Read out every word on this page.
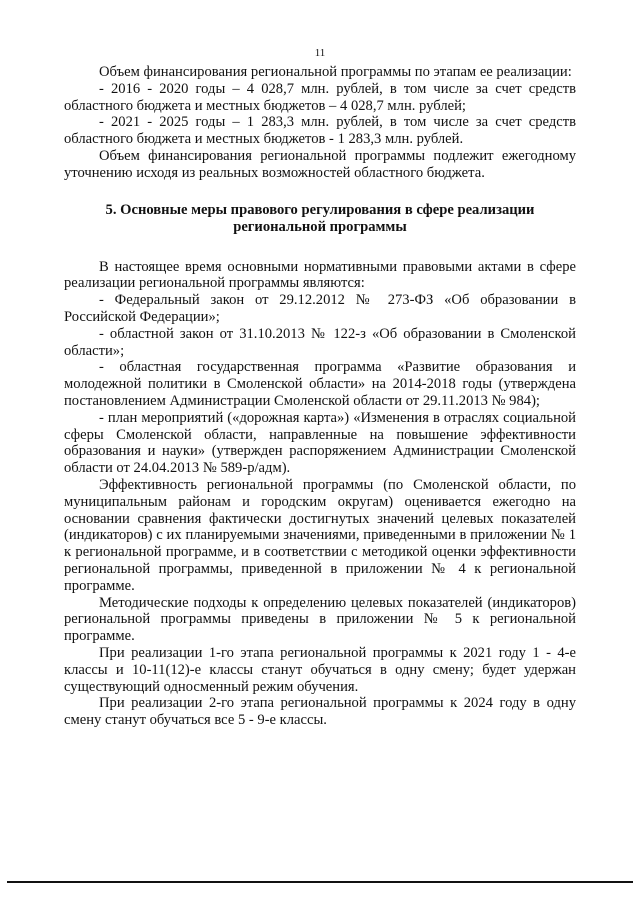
11

Объем финансирования региональной программы по этапам ее реализации:

- 2016 - 2020 годы – 4 028,7 млн. рублей, в том числе за счет средств областного бюджета и местных бюджетов – 4 028,7 млн. рублей;

- 2021 - 2025 годы – 1 283,3 млн. рублей, в том числе за счет средств областного бюджета и местных бюджетов - 1 283,3 млн. рублей.

Объем финансирования региональной программы подлежит ежегодному уточнению исходя из реальных возможностей областного бюджета.

5. Основные меры правового регулирования в сфере реализации
региональной программы

В настоящее время основными нормативными правовыми актами в сфере реализации региональной программы являются:

- Федеральный закон от 29.12.2012 № 273-ФЗ «Об образовании в Российской Федерации»;

- областной закон от 31.10.2013 № 122-з «Об образовании в Смоленской области»;

- областная государственная программа «Развитие образования и молодежной политики в Смоленской области» на 2014-2018 годы (утверждена постановлением Администрации Смоленской области от 29.11.2013 № 984);

- план мероприятий («дорожная карта») «Изменения в отраслях социальной сферы Смоленской области, направленные на повышение эффективности образования и науки» (утвержден распоряжением Администрации Смоленской области от 24.04.2013 № 589-р/адм).

Эффективность региональной программы (по Смоленской области, по муниципальным районам и городским округам) оценивается ежегодно на основании сравнения фактически достигнутых значений целевых показателей (индикаторов) с их планируемыми значениями, приведенными в приложении № 1 к региональной программе, и в соответствии с методикой оценки эффективности региональной программы, приведенной в приложении № 4 к региональной программе.

Методические подходы к определению целевых показателей (индикаторов) региональной программы приведены в приложении № 5 к региональной программе.

При реализации 1-го этапа региональной программы к 2021 году 1 - 4-е классы и 10-11(12)-е классы станут обучаться в одну смену; будет удержан существующий односменный режим обучения.

При реализации 2-го этапа региональной программы к 2024 году в одну смену станут обучаться все 5 - 9-е классы.
